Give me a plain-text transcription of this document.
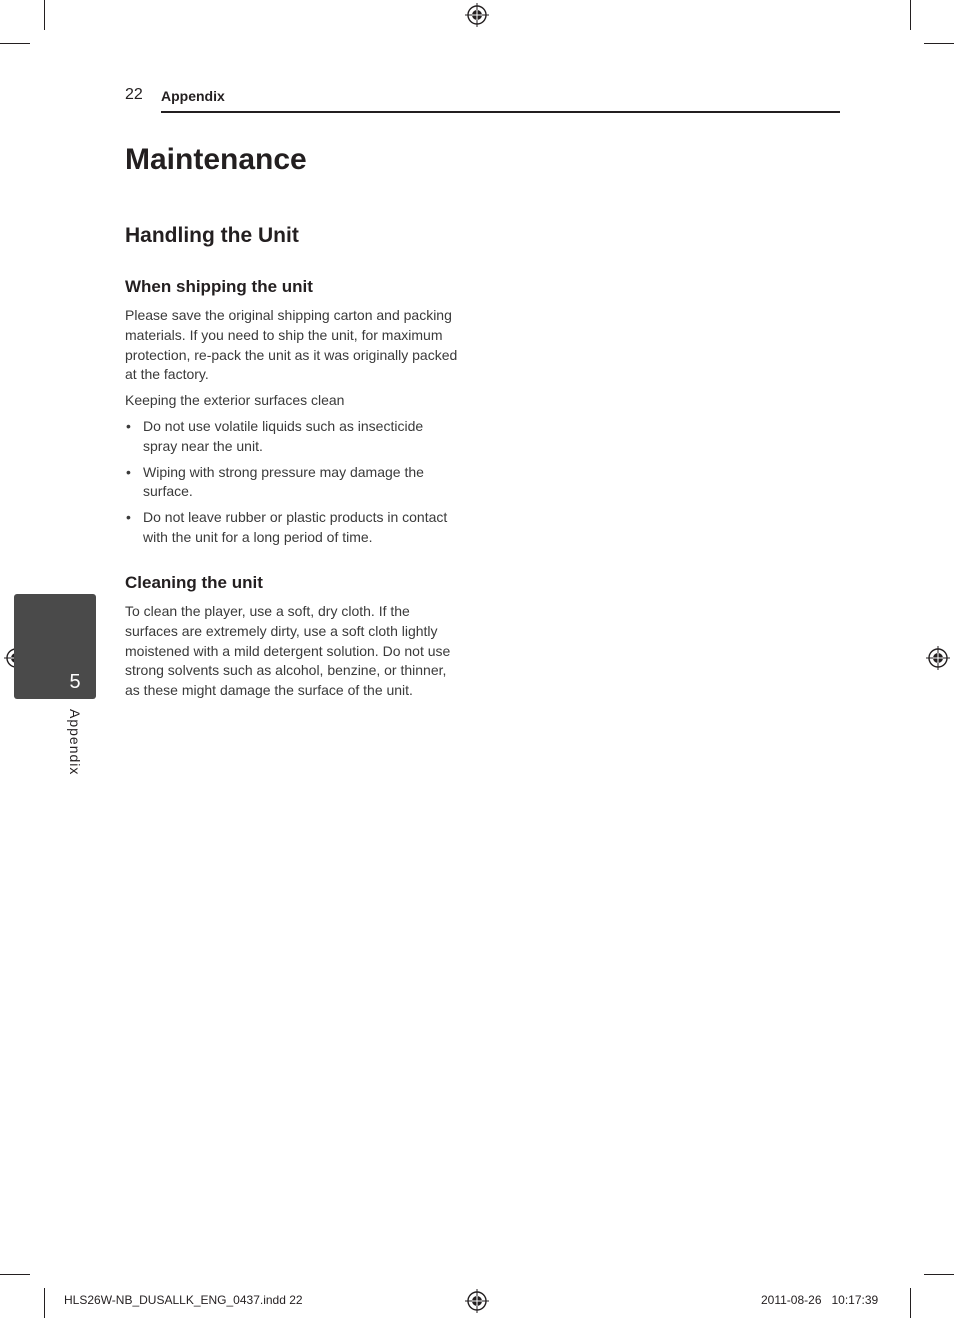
22 Appendix
Maintenance
Handling the Unit
When shipping the unit

Please save the original shipping carton and packing materials. If you need to ship the unit, for maximum protection, re-pack the unit as it was originally packed at the factory.

Keeping the exterior surfaces clean

• Do not use volatile liquids such as insecticide spray near the unit.
• Wiping with strong pressure may damage the surface.
• Do not leave rubber or plastic products in contact with the unit for a long period of time.
Cleaning the unit

To clean the player, use a soft, dry cloth. If the surfaces are extremely dirty, use a soft cloth lightly moistened with a mild detergent solution. Do not use strong solvents such as alcohol, benzine, or thinner, as these might damage the surface of the unit.

5
Appendix
HLS26W-NB_DUSALLK_ENG_0437.indd 22	2011-08-26   10:17:39
